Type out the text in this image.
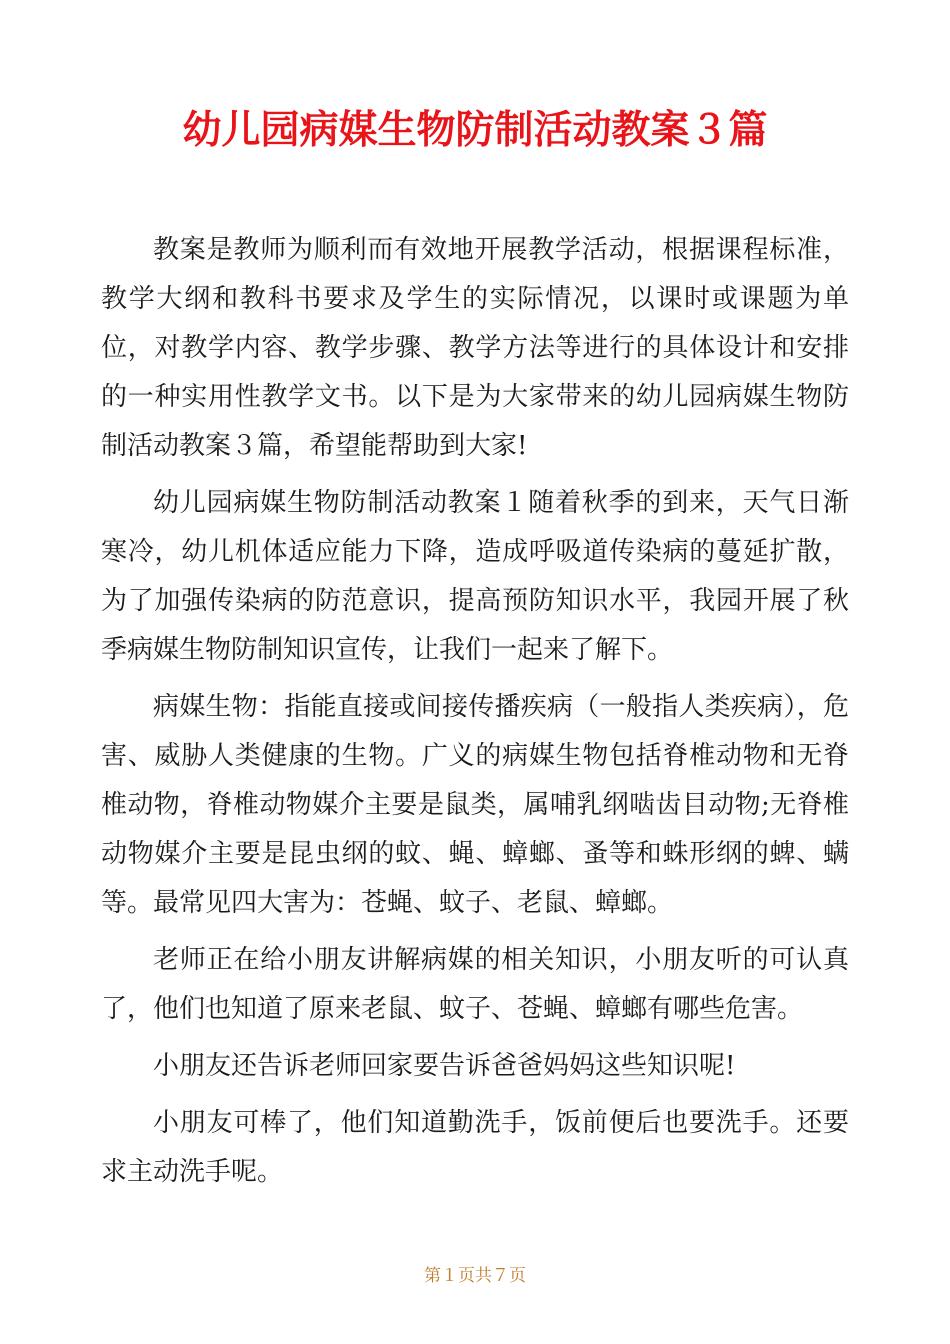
幼儿园病媒生物防制活动教案３篇

教案是教师为顺利而有效地开展教学活动，根据课程标准，教学大纲和教科书要求及学生的实际情况，以课时或课题为单位，对教学内容、教学步骤、教学方法等进行的具体设计和安排的一种实用性教学文书。以下是为大家带来的幼儿园病媒生物防制活动教案３篇，希望能帮助到大家!

幼儿园病媒生物防制活动教案１随着秋季的到来，天气日渐寒冷，幼儿机体适应能力下降，造成呼吸道传染病的蔓延扩散，为了加强传染病的防范意识，提高预防知识水平，我园开展了秋季病媒生物防制知识宣传，让我们一起来了解下。

病媒生物：指能直接或间接传播疾病（一般指人类疾病），危害、威胁人类健康的生物。广义的病媒生物包括脊椎动物和无脊椎动物，脊椎动物媒介主要是鼠类，属哺乳纲啮齿目动物;无脊椎动物媒介主要是昆虫纲的蚊、蝇、蟑螂、蚤等和蛛形纲的蜱、螨等。最常见四大害为：苍蝇、蚊子、老鼠、蟑螂。

老师正在给小朋友讲解病媒的相关知识，小朋友听的可认真了，他们也知道了原来老鼠、蚊子、苍蝇、蟑螂有哪些危害。

小朋友还告诉老师回家要告诉爸爸妈妈这些知识呢!

小朋友可棒了，他们知道勤洗手，饭前便后也要洗手。还要求主动洗手呢。

第１页共７页
